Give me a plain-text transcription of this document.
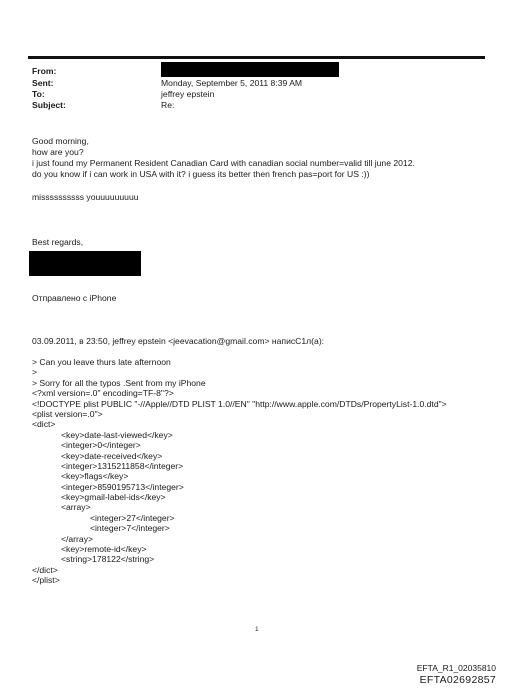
From:
Sent:	Monday, September 5, 2011 8:39 AM
To:	jeffrey epstein
Subject:	Re:
Good morning,
how are you?
i just found my Permanent Resident Canadian Card with canadian social number=valid till june 2012.
do you know if i can work in USA with it? i guess its better then french pas=port for US :))
missssssssss youuuuuuuuu
Best regards,
Отправлено с iPhone
03.09.2011, в 23:50, jeffrey epstein <jeevacation@gmail.com> написС1л(а):
> Can you leave thurs late afternoon
>
> Sorry for all the typos .Sent from my iPhone
<?xml version=.0" encoding=TF-8"?>
<!DOCTYPE plist PUBLIC "-//Apple//DTD PLIST 1.0//EN" "http://www.apple.com/DTDs/PropertyList-1.0.dtd">
<plist version=.0">
<dict>
<key>date-last-viewed</key>
<integer>0</integer>
<key>date-received</key>
<integer>1315211858</integer>
<key>flags</key>
<integer>8590195713</integer>
<key>gmail-label-ids</key>
<array>
<integer>27</integer>
<integer>7</integer>
</array>
<key>remote-id</key>
<string>178122</string>
</dict>
</plist>
1
EFTA_R1_02035810
EFTA02692857
